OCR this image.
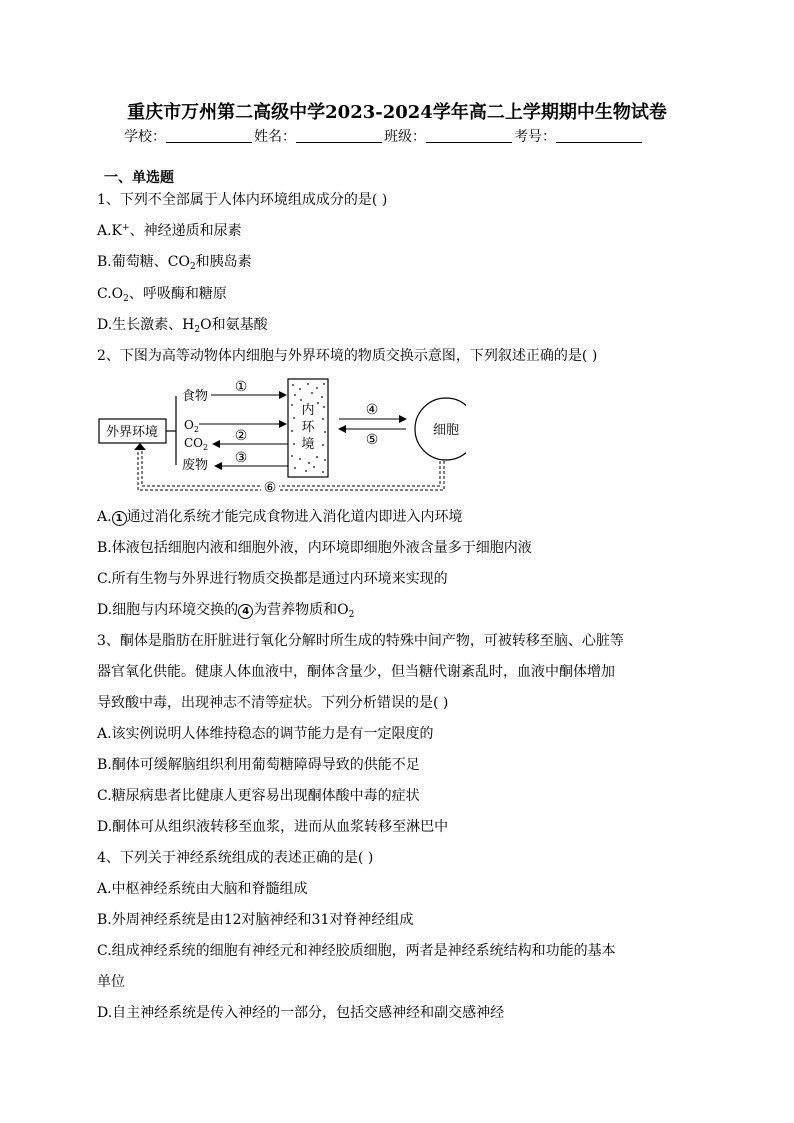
重庆市万州第二高级中学2023-2024学年高二上学期期中生物试卷
学校：	姓名：	班级：	考号：
一、单选题
1、下列不全部属于人体内环境组成成分的是( )
A.K+、神经递质和尿素
B.葡萄糖、$CO_2$和胰岛素
$C.O_2$、呼吸酶和糖原
D.生长激素、$H_2O$和氨基酸
2、下图为高等动物体内细胞与外界环境的物质交换示意图，下列叙述正确的是( )
外界环境
食物
$O_2$
$CO_2$
废物
①
②
③
内
环
境
④
⑤
细胞
⑥
A. 1 通过消化系统才能完成食物进入消化道内即进入内环境
B.体液包括细胞内液和细胞外液，内环境即细胞外液含量多于细胞内液
C.所有生物与外界进行物质交换都是通过内环境来实现的
D.细胞与内环境交换的 4 为营养物质和$O_2$
3、酮体是脂肪在肝脏进行氧化分解时所生成的特殊中间产物，可被转移至脑、心脏等
器官氧化供能。健康人体血液中，酮体含量少，但当糖代谢紊乱时，血液中酮体增加
导致酸中毒，出现神志不清等症状。下列分析错误的是( )
A.该实例说明人体维持稳态的调节能力是有一定限度的
B.酮体可缓解脑组织利用葡萄糖障碍导致的供能不足
C.糖尿病患者比健康人更容易出现酮体酸中毒的症状
D.酮体可从组织液转移至血浆，进而从血浆转移至淋巴中
4、下列关于神经系统组成的表述正确的是( )
A.中枢神经系统由大脑和脊髓组成
B.外周神经系统是由12对脑神经和31对脊神经组成
C.组成神经系统的细胞有神经元和神经胶质细胞，两者是神经系统结构和功能的基本
单位
D.自主神经系统是传入神经的一部分，包括交感神经和副交感神经
